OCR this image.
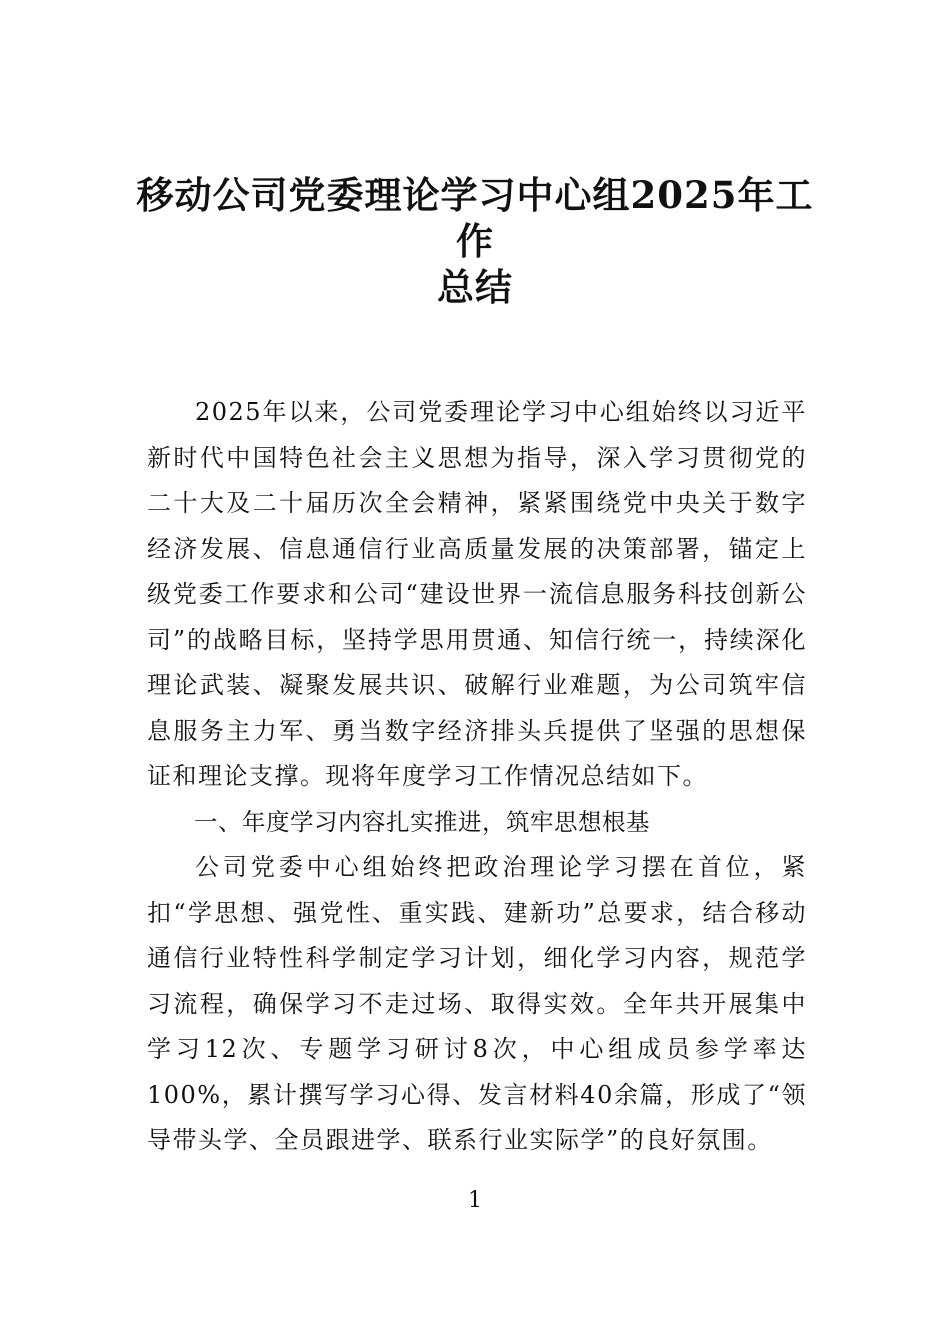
移动公司党委理论学习中心组2025年工作
总结

2025年以来，公司党委理论学习中心组始终以习近平新时代中国特色社会主义思想为指导，深入学习贯彻党的二十大及二十届历次全会精神，紧紧围绕党中央关于数字经济发展、信息通信行业高质量发展的决策部署，锚定上级党委工作要求和公司“建设世界一流信息服务科技创新公司”的战略目标，坚持学思用贯通、知信行统一，持续深化理论武装、凝聚发展共识、破解行业难题，为公司筑牢信息服务主力军、勇当数字经济排头兵提供了坚强的思想保证和理论支撑。现将年度学习工作情况总结如下。

一、年度学习内容扎实推进，筑牢思想根基

公司党委中心组始终把政治理论学习摆在首位，紧扣“学思想、强党性、重实践、建新功”总要求，结合移动通信行业特性科学制定学习计划，细化学习内容，规范学习流程，确保学习不走过场、取得实效。全年共开展集中学习12次、专题学习研讨8次，中心组成员参学率达100%，累计撰写学习心得、发言材料40余篇，形成了“领导带头学、全员跟进学、联系行业实际学”的良好氛围。

1
